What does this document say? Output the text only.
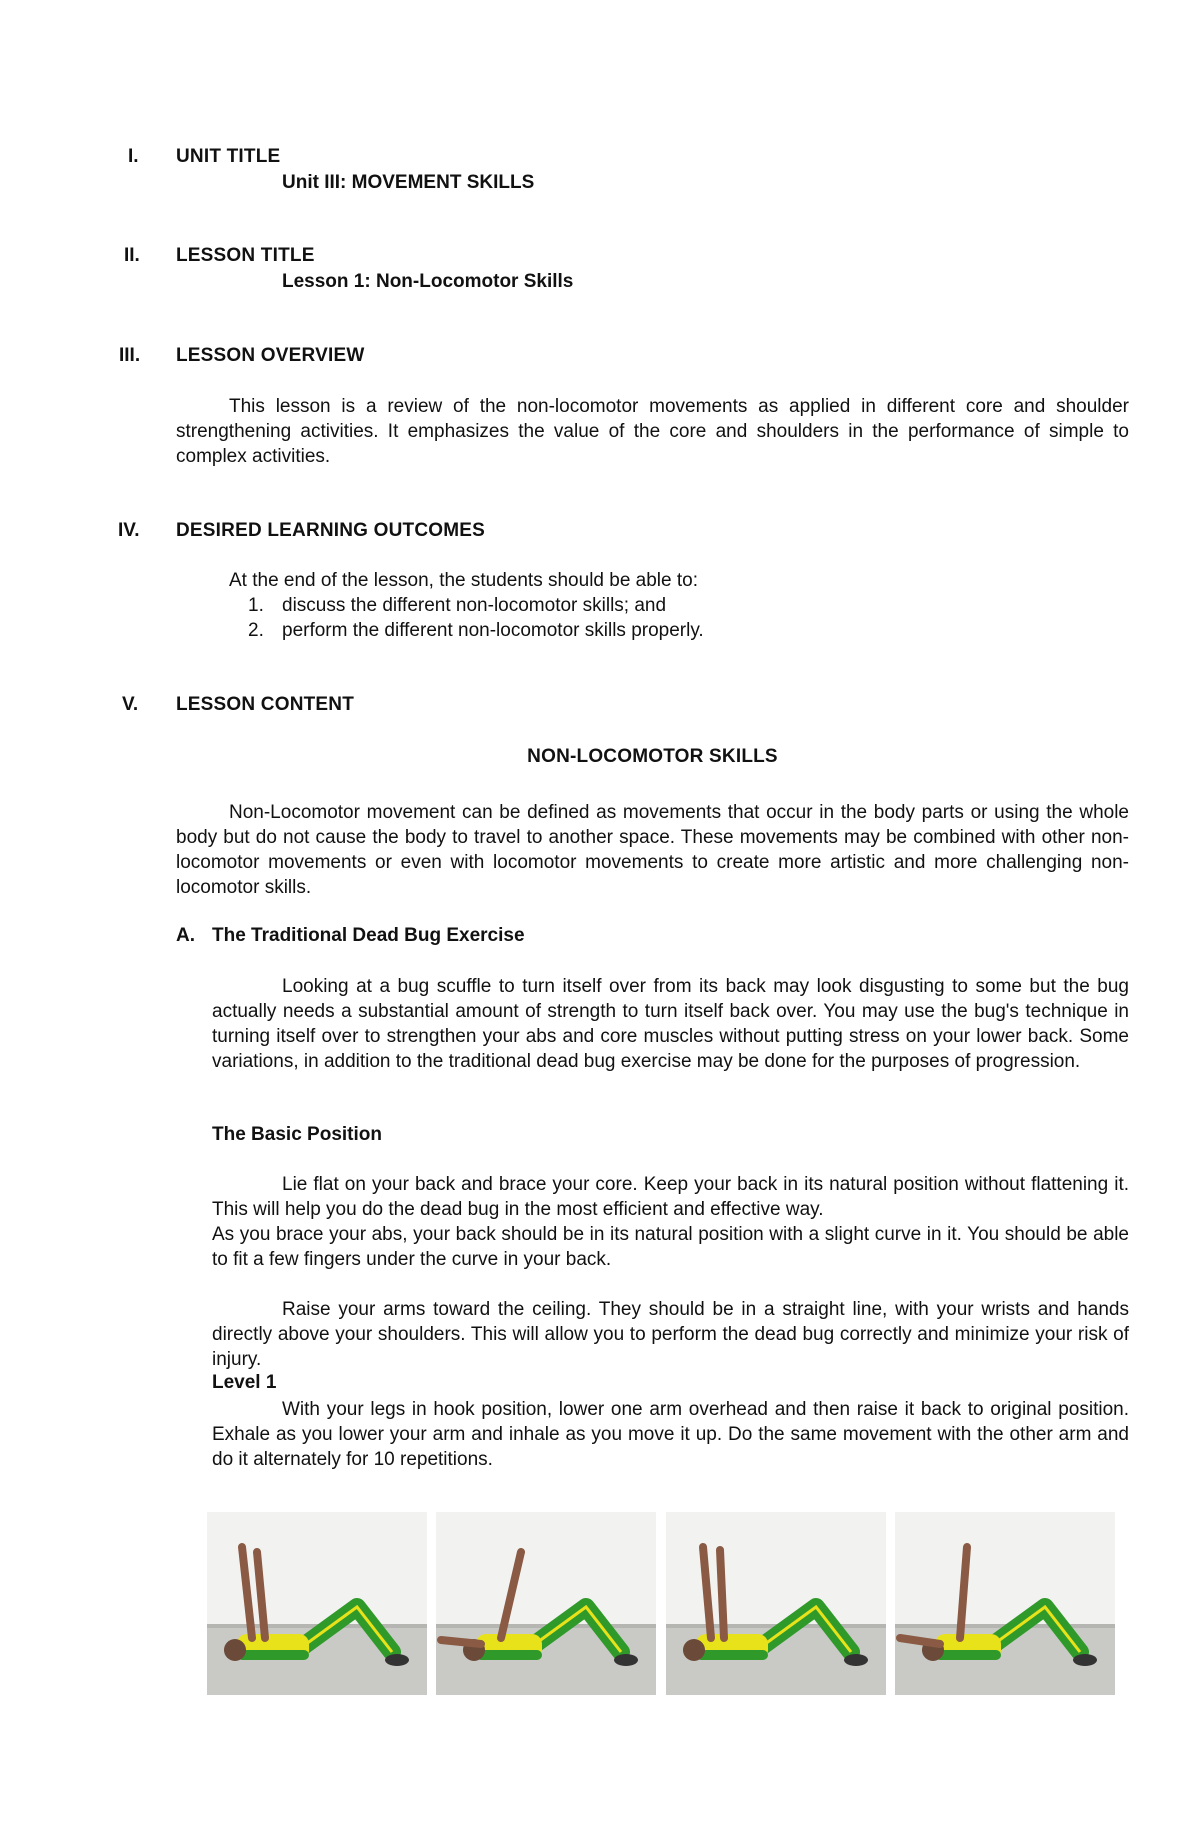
I. UNIT TITLE
Unit III: MOVEMENT SKILLS
II. LESSON TITLE
Lesson 1: Non-Locomotor Skills
III. LESSON OVERVIEW
This lesson is a review of the non-locomotor movements as applied in different core and shoulder strengthening activities. It emphasizes the value of the core and shoulders in the performance of simple to complex activities.
IV. DESIRED LEARNING OUTCOMES
At the end of the lesson, the students should be able to:
1. discuss the different non-locomotor skills; and
2. perform the different non-locomotor skills properly.
V. LESSON CONTENT
NON-LOCOMOTOR SKILLS
Non-Locomotor movement can be defined as movements that occur in the body parts or using the whole body but do not cause the body to travel to another space. These movements may be combined with other non-locomotor movements or even with locomotor movements to create more artistic and more challenging non-locomotor skills.
A. The Traditional Dead Bug Exercise
Looking at a bug scuffle to turn itself over from its back may look disgusting to some but the bug actually needs a substantial amount of strength to turn itself back over. You may use the bug's technique in turning itself over to strengthen your abs and core muscles without putting stress on your lower back. Some variations, in addition to the traditional dead bug exercise may be done for the purposes of progression.
The Basic Position
Lie flat on your back and brace your core. Keep your back in its natural position without flattening it. This will help you do the dead bug in the most efficient and effective way.
As you brace your abs, your back should be in its natural position with a slight curve in it. You should be able to fit a few fingers under the curve in your back.
Raise your arms toward the ceiling. They should be in a straight line, with your wrists and hands directly above your shoulders. This will allow you to perform the dead bug correctly and minimize your risk of injury.
Level 1
With your legs in hook position, lower one arm overhead and then raise it back to original position. Exhale as you lower your arm and inhale as you move it up. Do the same movement with the other arm and do it alternately for 10 repetitions.
